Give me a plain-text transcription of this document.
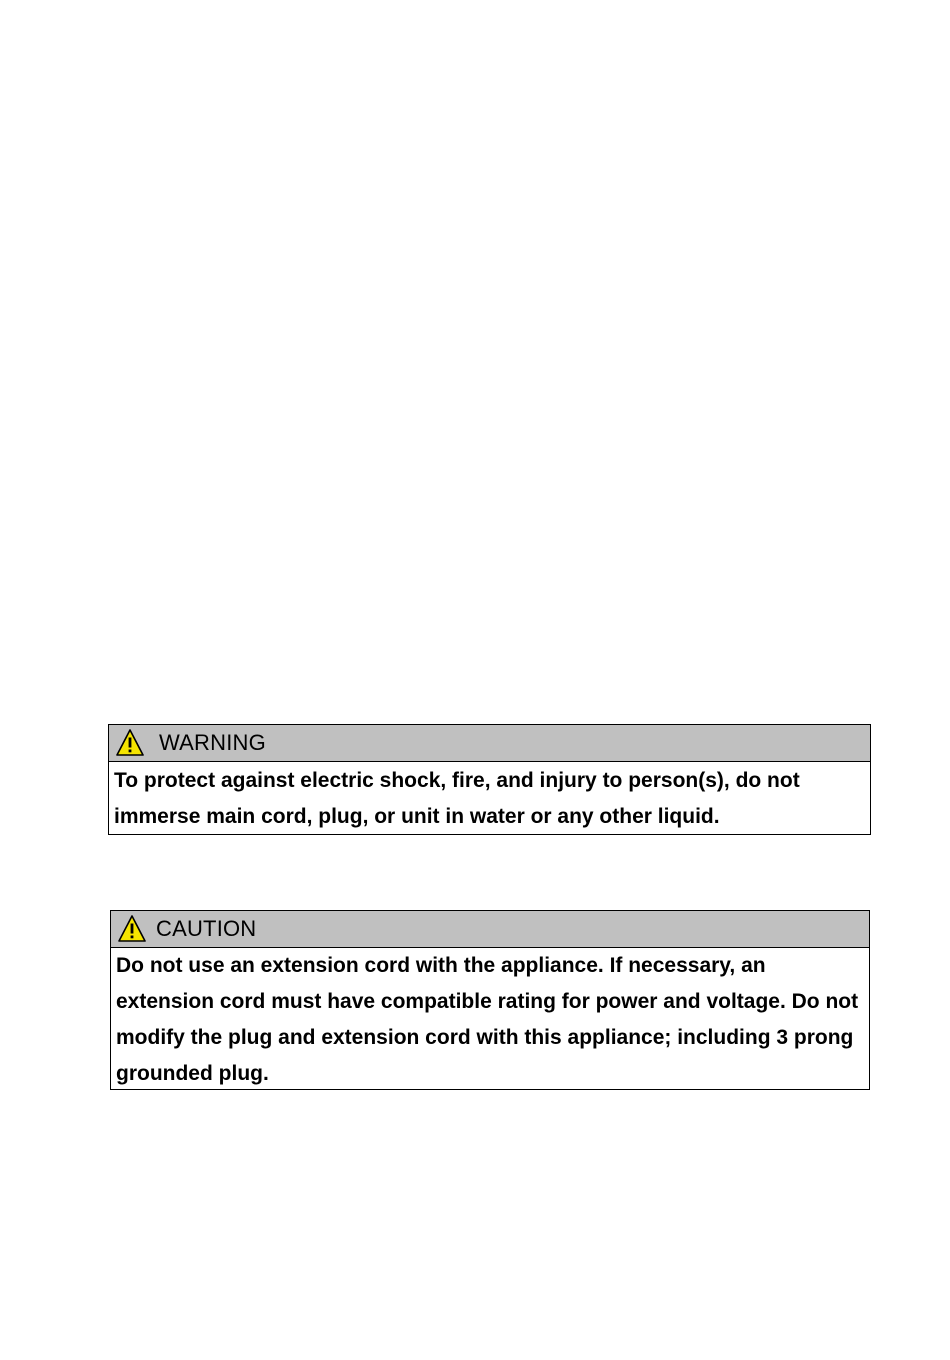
WARNING

To protect against electric shock, fire, and injury to person(s), do not immerse main cord, plug, or unit in water or any other liquid.

CAUTION

Do not use an extension cord with the appliance. If necessary, an extension cord must have compatible rating for power and voltage. Do not modify the plug and extension cord with this appliance; including 3 prong grounded plug.
